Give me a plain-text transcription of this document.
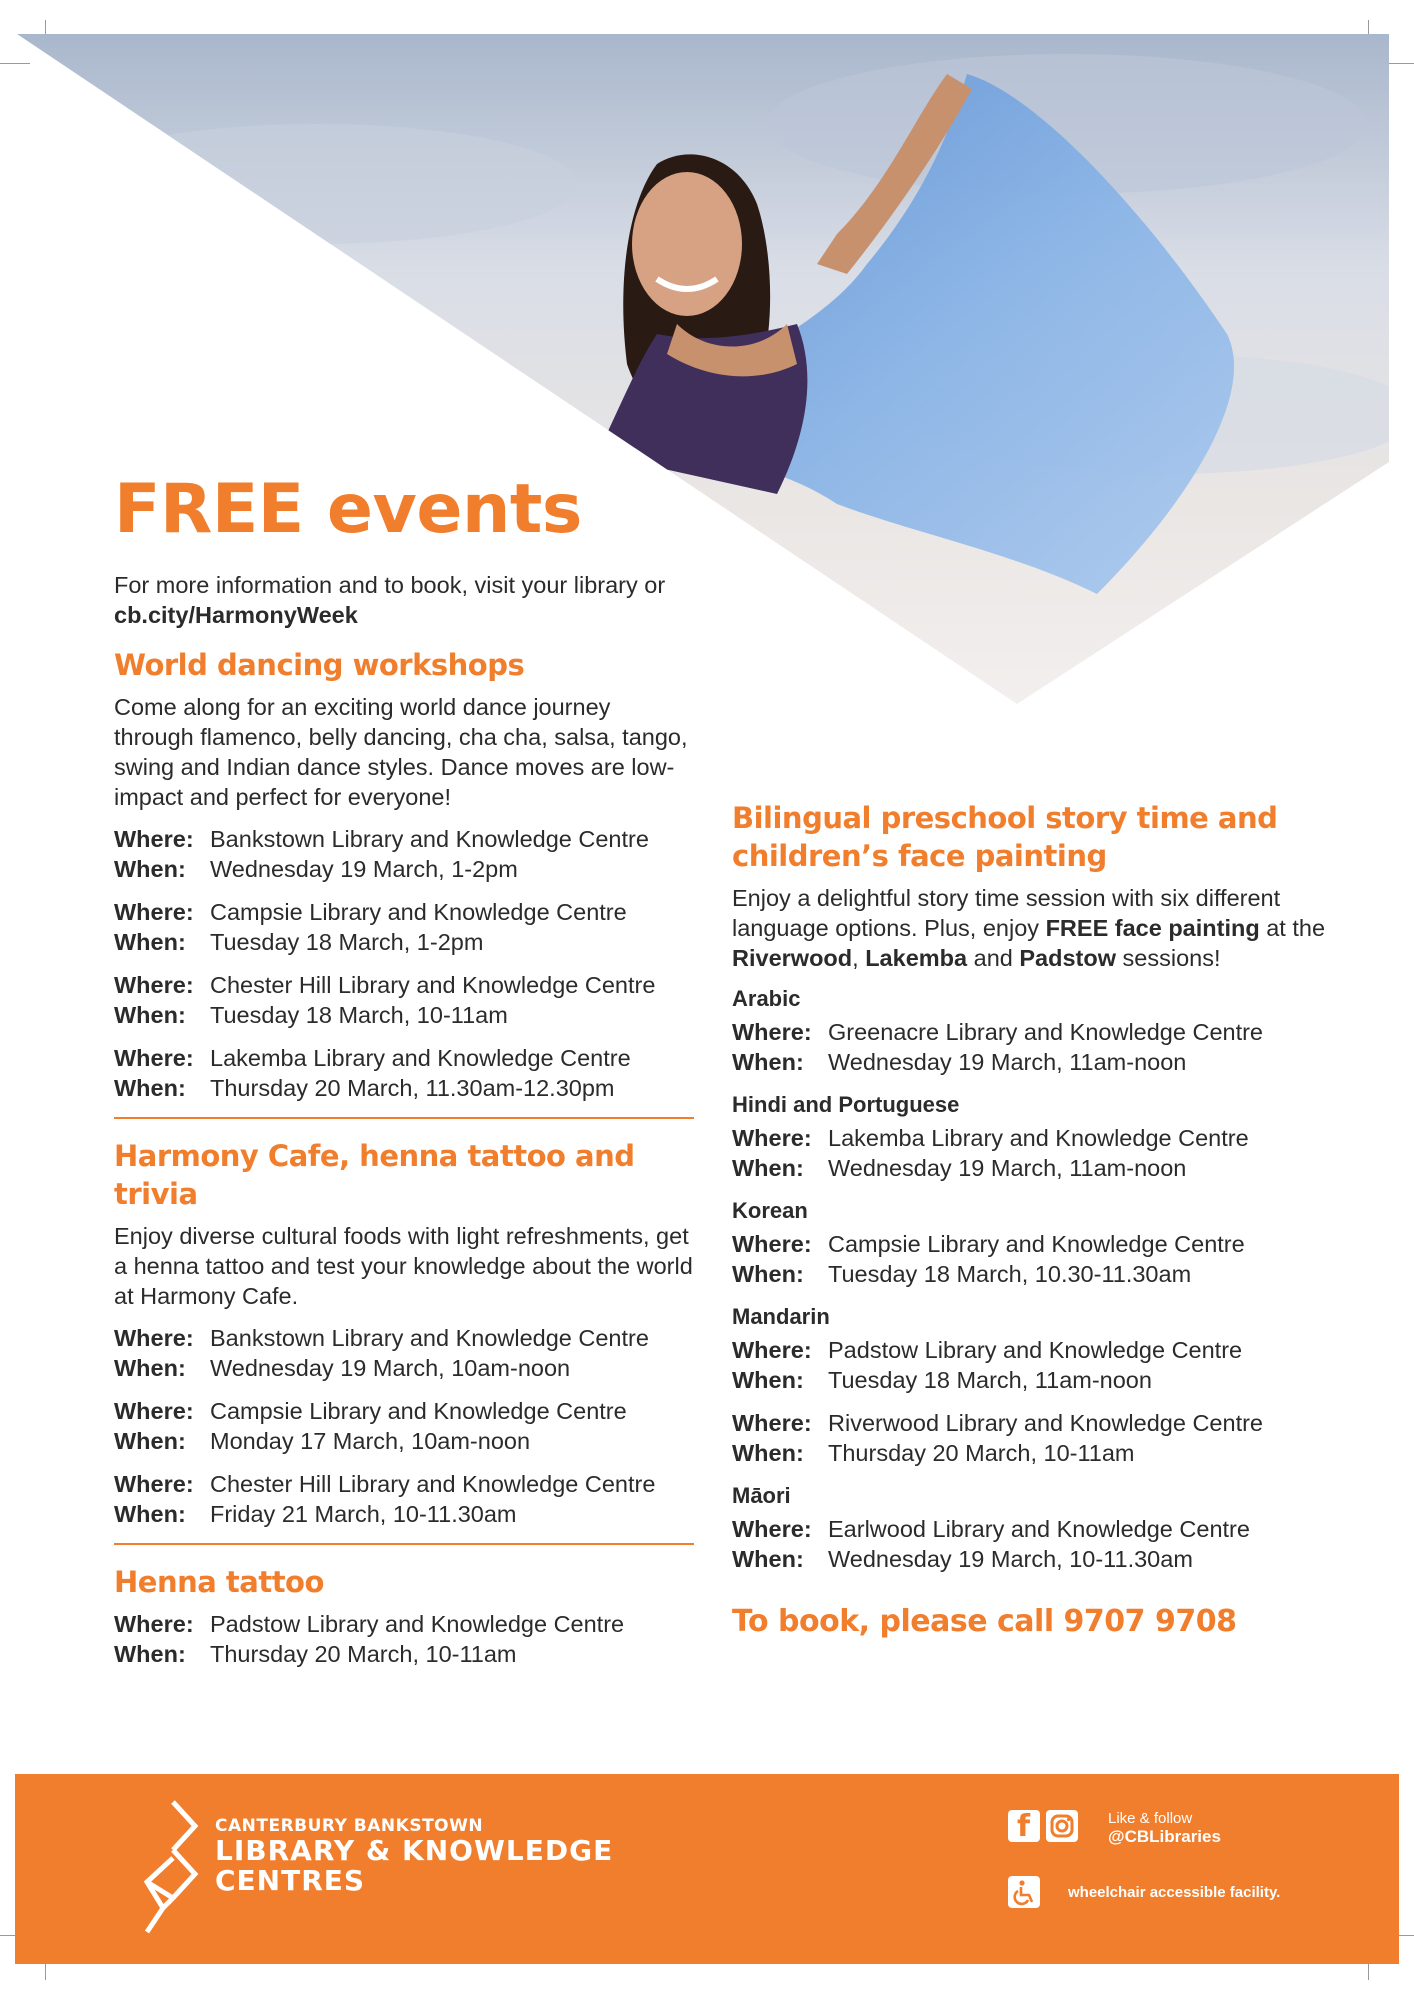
FREE events

For more information and to book, visit your library or cb.city/HarmonyWeek

World dancing workshops

Come along for an exciting world dance journey through flamenco, belly dancing, cha cha, salsa, tango, swing and Indian dance styles. Dance moves are low-impact and perfect for everyone!

Where: Bankstown Library and Knowledge Centre
When:	Wednesday 19 March, 1-2pm
Where: Campsie Library and Knowledge Centre
When:	Tuesday 18 March, 1-2pm
Where: Chester Hill Library and Knowledge Centre
When:	Tuesday 18 March, 10-11am
Where: Lakemba Library and Knowledge Centre
When:	Thursday 20 March, 11.30am-12.30pm
Harmony Cafe, henna tattoo and trivia

Enjoy diverse cultural foods with light refreshments, get a henna tattoo and test your knowledge about the world at Harmony Cafe.

Where: Bankstown Library and Knowledge Centre
When:	Wednesday 19 March, 10am-noon
Where: Campsie Library and Knowledge Centre
When:	Monday 17 March, 10am-noon
Where: Chester Hill Library and Knowledge Centre
When:	Friday 21 March, 10-11.30am
Henna tattoo
Where: Padstow Library and Knowledge Centre
When:	Thursday 20 March, 10-11am
Bilingual preschool story time and children’s face painting

Enjoy a delightful story time session with six different language options. Plus, enjoy FREE face painting at the Riverwood, Lakemba and Padstow sessions!

Arabic
Where: Greenacre Library and Knowledge Centre
When:	Wednesday 19 March, 11am-noon
Hindi and Portuguese
Where: Lakemba Library and Knowledge Centre
When:	Wednesday 19 March, 11am-noon
Korean
Where: Campsie Library and Knowledge Centre
When:	Tuesday 18 March, 10.30-11.30am
Mandarin
Where: Padstow Library and Knowledge Centre
When:	Tuesday 18 March, 11am-noon
Where: Riverwood Library and Knowledge Centre
When:	Thursday 20 March, 10-11am
Māori
Where: Earlwood Library and Knowledge Centre
When:	Wednesday 19 March, 10-11.30am
To book, please call 9707 9708
CANTERBURY BANKSTOWN
LIBRARY & KNOWLEDGE
CENTRES
f	Like & follow
@CBLibraries
wheelchair accessible facility.
